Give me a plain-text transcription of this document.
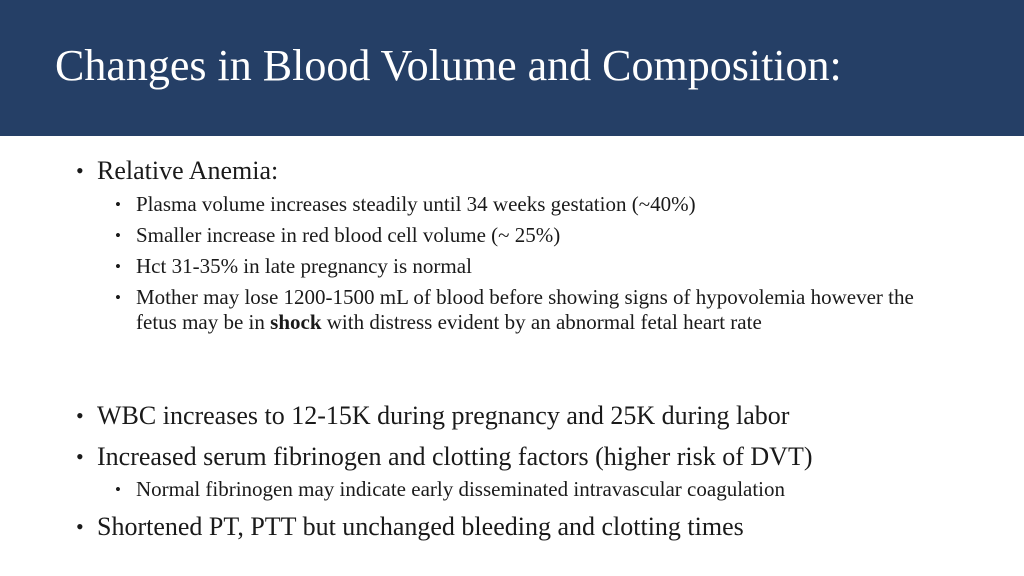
Changes in Blood Volume and Composition:
• Relative Anemia:
• Plasma volume increases steadily until 34 weeks gestation (~40%)
• Smaller increase in red blood cell volume (~ 25%)
• Hct 31-35% in late pregnancy is normal
• Mother may lose 1200-1500 mL of blood before showing signs of hypovolemia however the fetus may be in shock with distress evident by an abnormal fetal heart rate
• WBC increases to 12-15K during pregnancy and 25K during labor
• Increased serum fibrinogen and clotting factors (higher risk of DVT)
• Normal fibrinogen may indicate early disseminated intravascular coagulation
• Shortened PT, PTT but unchanged bleeding and clotting times
